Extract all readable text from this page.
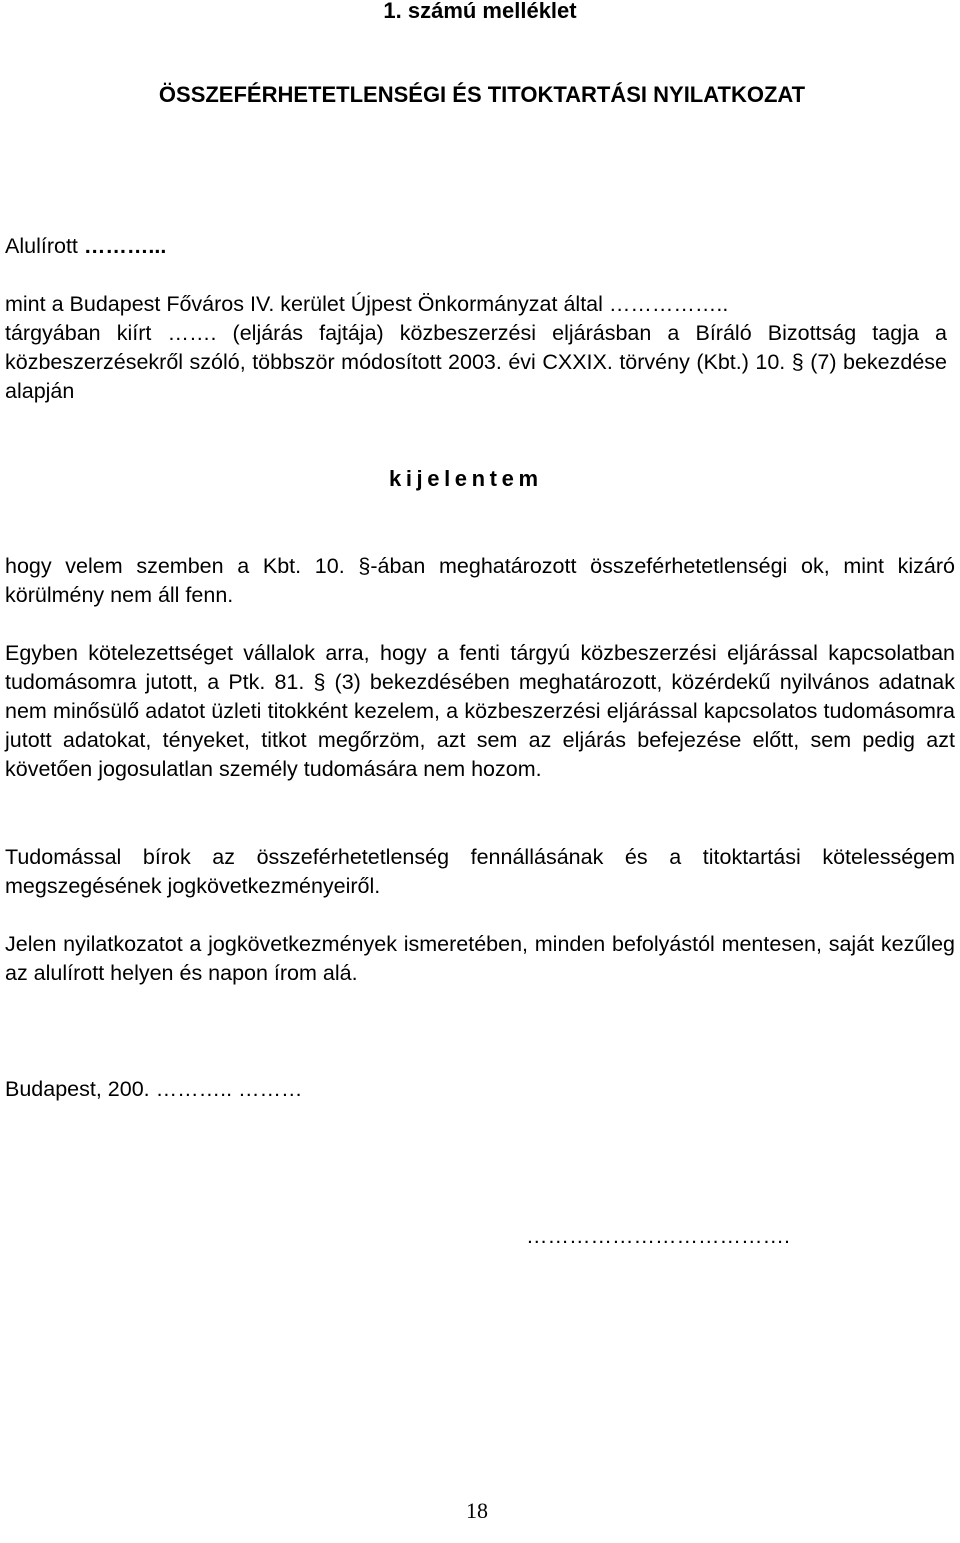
1. számú melléklet
ÖSSZEFÉRHETETLENSÉGI ÉS TITOKTARTÁSI NYILATKOZAT
Alulírott ………...
mint a Budapest Főváros IV. kerület Újpest Önkormányzat által ……………..
tárgyában kiírt ……. (eljárás fajtája) közbeszerzési eljárásban a Bíráló Bizottság tagja a közbeszerzésekről szóló, többször módosított 2003. évi CXXIX. törvény (Kbt.) 10. § (7) bekezdése alapján
kijelentem
hogy velem szemben a Kbt. 10. §-ában meghatározott összeférhetetlenségi ok, mint kizáró körülmény nem áll fenn.
Egyben kötelezettséget vállalok arra, hogy a fenti tárgyú közbeszerzési eljárással kapcsolatban tudomásomra jutott, a Ptk. 81. § (3) bekezdésében meghatározott, közérdekű nyilvános adatnak nem minősülő adatot üzleti titokként kezelem, a közbeszerzési eljárással kapcsolatos tudomásomra jutott adatokat, tényeket, titkot megőrzöm, azt sem az eljárás befejezése előtt, sem pedig azt követően jogosulatlan személy tudomására nem hozom.
Tudomással bírok az összeférhetetlenség fennállásának és a titoktartási kötelességem megszegésének jogkövetkezményeiről.
Jelen nyilatkozatot a jogkövetkezmények ismeretében, minden befolyástól mentesen, saját kezűleg az alulírott helyen és napon írom alá.
Budapest, 200. ……….. ………
……………………………….
18
